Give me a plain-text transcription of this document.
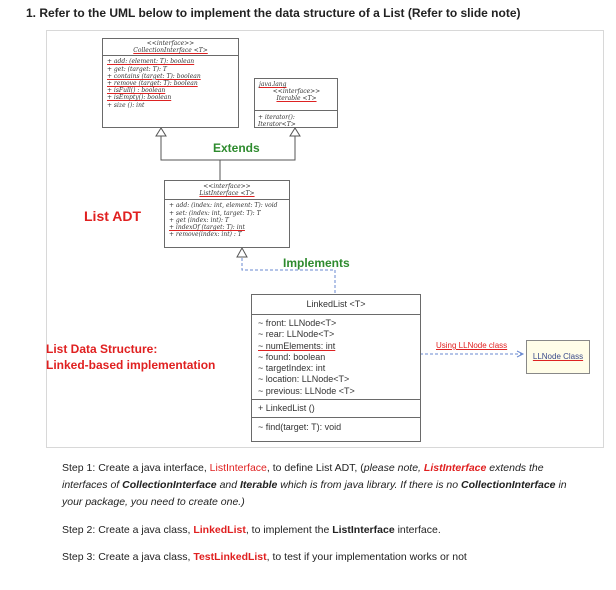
1. Refer to the UML below to implement the data structure of a List (Refer to slide note)
<<interface>>
CollectionInterface <T>
+ add: (element: T): boolean
+ get: (target: T): T
+ contains (target: T): boolean
+ remove (target: T): boolean
+ isFull() : boolean
+ isEmpty(): boolean
+ size (): int
java.lang
<<interface>>
Iterable <T>
+ iterator(): Iterator<T>
Extends
List ADT
<<interface>>
ListInterface <T>
+ add: (index: int, element: T): void
+ set: (index: int, target: T): T
+ get (index: int): T
+ indexOf (target: T): int
+ remove(index: int) : T
Implements
LinkedList <T>
~ front: LLNode<T>
~ rear: LLNode<T>
~ numElements: int
~ found: boolean
~ targetIndex: int
~ location: LLNode<T>
~ previous: LLNode <T>
+ LinkedList ()
~ find(target: T): void
List Data Structure:
Linked-based implementation
Using LLNode class
LLNode Class
Step 1: Create a java interface, ListInterface, to define List ADT, (please note, ListInterface extends the interfaces of CollectionInterface and Iterable which is from java library. If there is no CollectionInterface in your package, you need to create one.)
Step 2: Create a java class, LinkedList, to implement the ListInterface interface.
Step 3: Create a java class, TestLinkedList, to test if your implementation works or not
